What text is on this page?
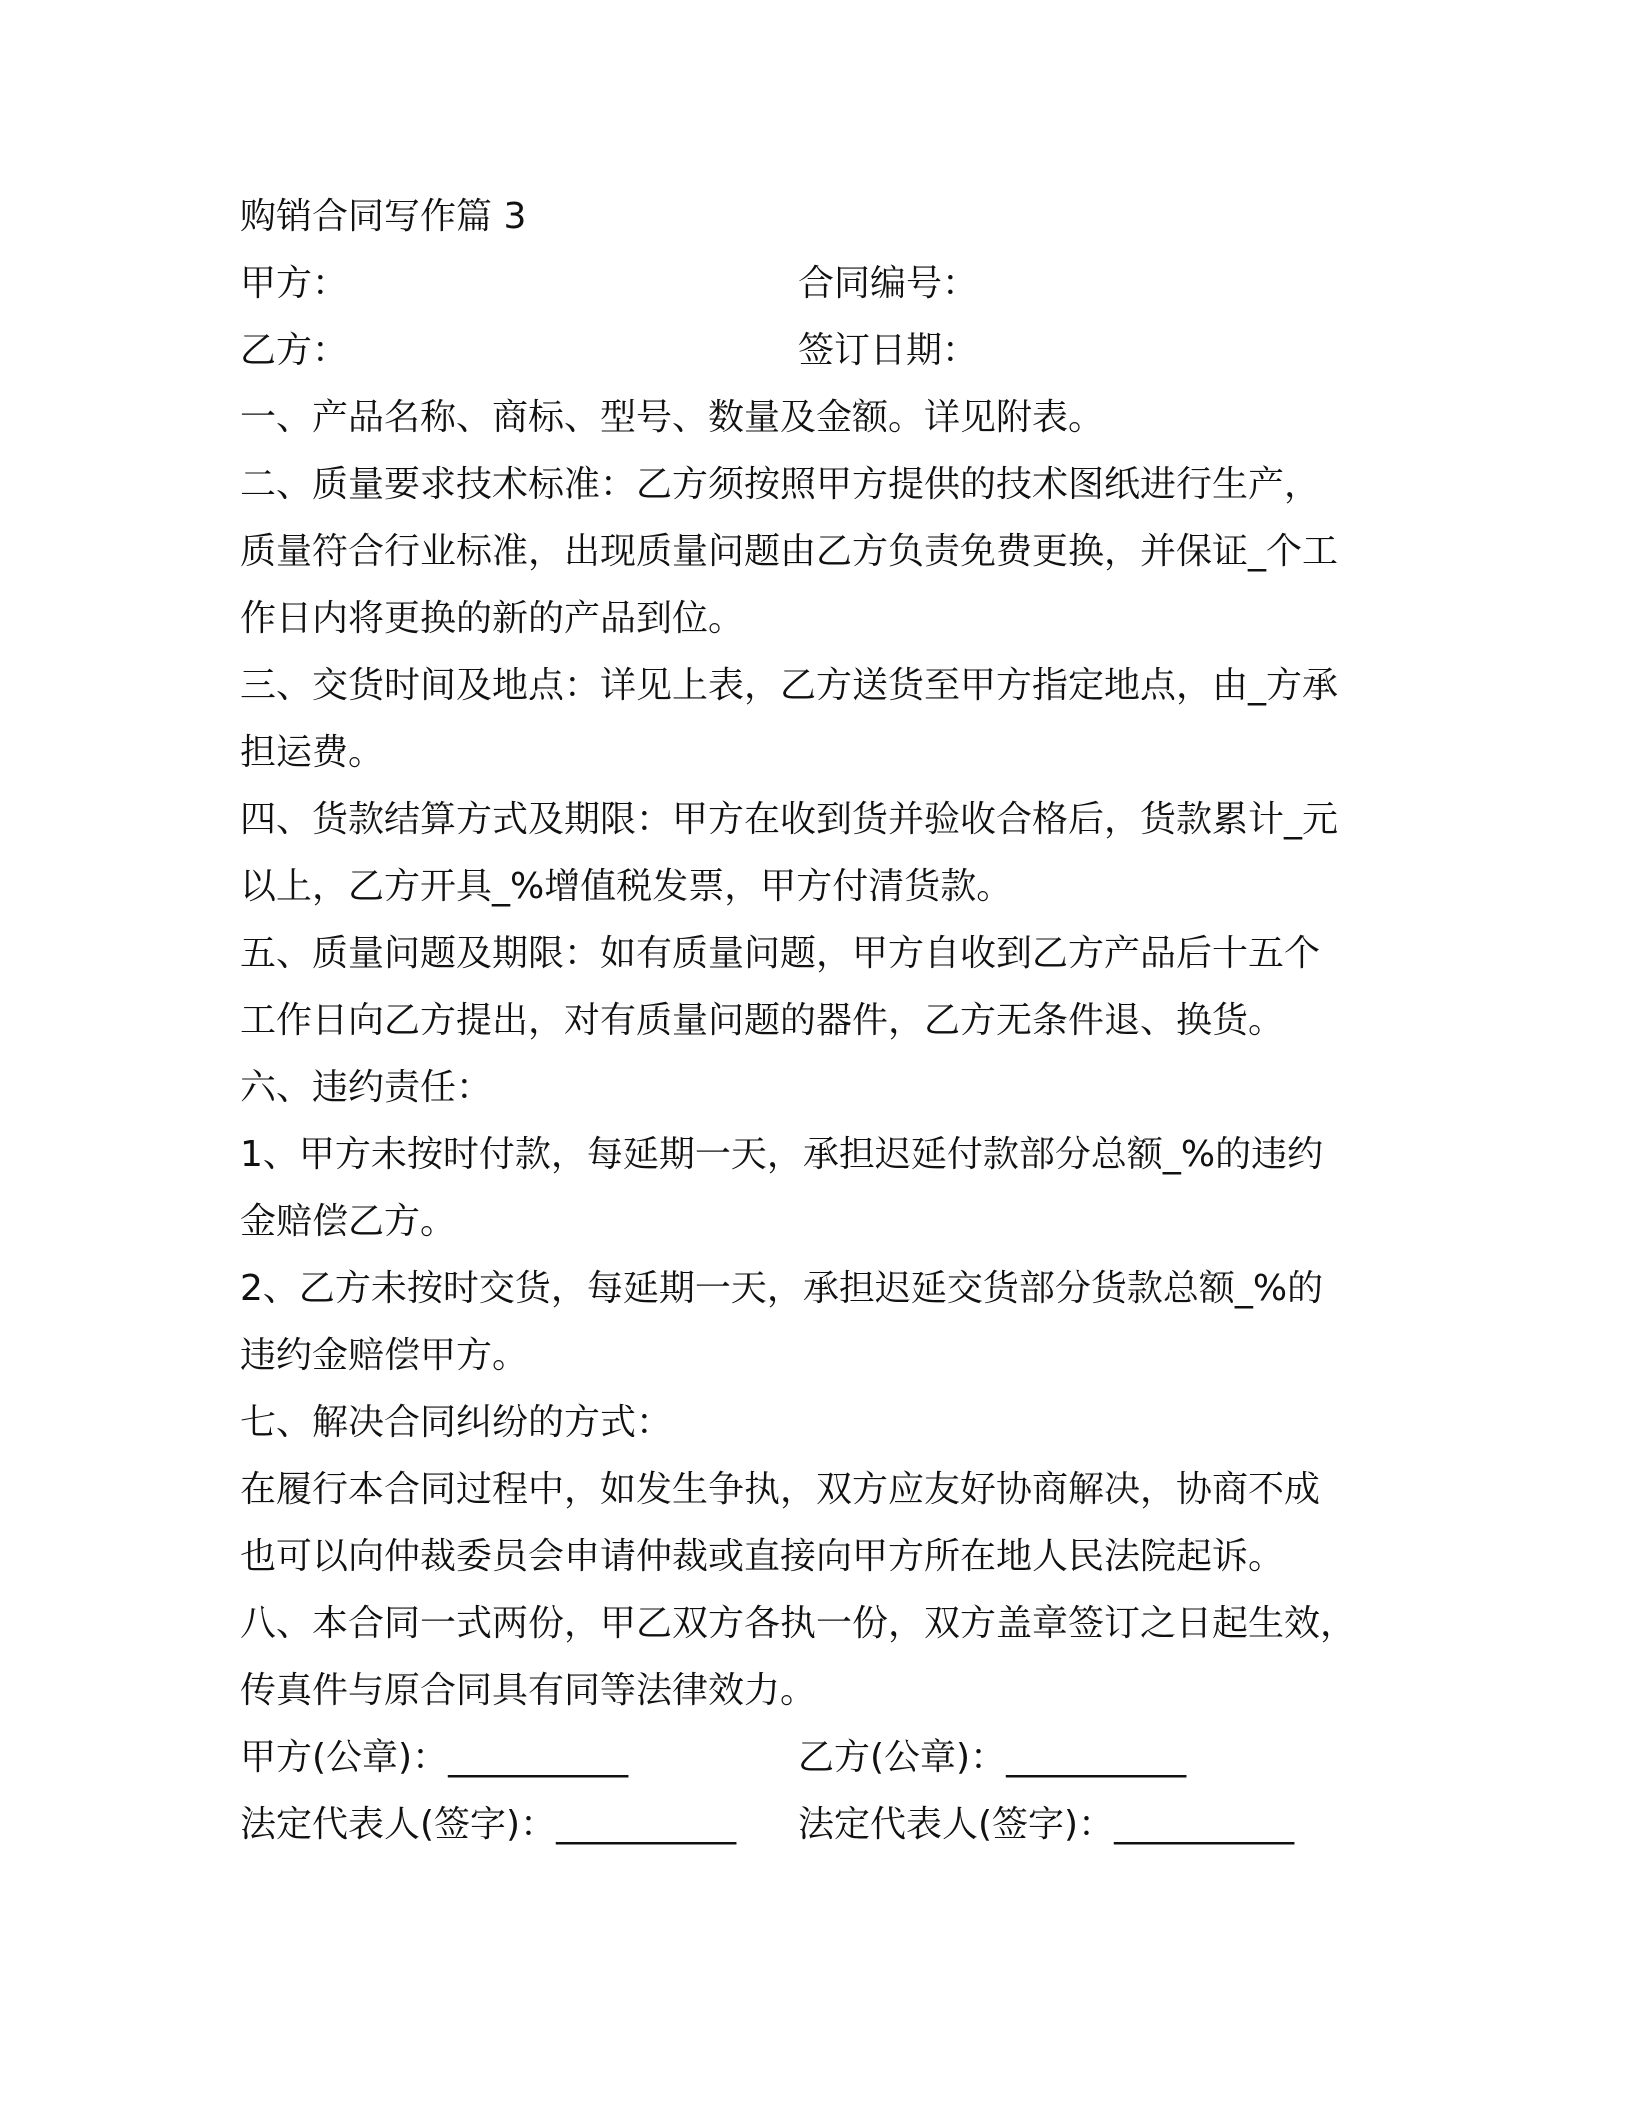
购销合同写作篇 3
甲方：	合同编号：
乙方：	签订日期：
一、产品名称、商标、型号、数量及金额。详见附表。
二、质量要求技术标准：乙方须按照甲方提供的技术图纸进行生产，
质量符合行业标准，出现质量问题由乙方负责免费更换，并保证_个工
作日内将更换的新的产品到位。
三、交货时间及地点：详见上表，乙方送货至甲方指定地点，由_方承
担运费。
四、货款结算方式及期限：甲方在收到货并验收合格后，货款累计_元
以上，乙方开具_%增值税发票，甲方付清货款。
五、质量问题及期限：如有质量问题，甲方自收到乙方产品后十五个
工作日向乙方提出，对有质量问题的器件，乙方无条件退、换货。
六、违约责任：
1、甲方未按时付款，每延期一天，承担迟延付款部分总额_%的违约
金赔偿乙方。
2、乙方未按时交货，每延期一天，承担迟延交货部分货款总额_%的
违约金赔偿甲方。
七、解决合同纠纷的方式：
在履行本合同过程中，如发生争执，双方应友好协商解决，协商不成
也可以向仲裁委员会申请仲裁或直接向甲方所在地人民法院起诉。
八、本合同一式两份，甲乙双方各执一份，双方盖章签订之日起生效，
传真件与原合同具有同等法律效力。
甲方(公章)：__________	乙方(公章)：__________
法定代表人(签字)：__________ 法定代表人(签字)：__________
